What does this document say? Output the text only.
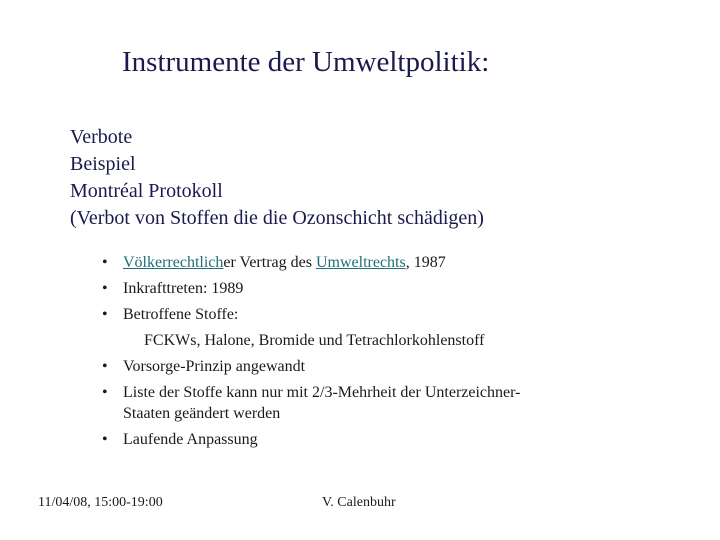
Instrumente der Umweltpolitik:
Verbote
Beispiel
Montréal Protokoll
(Verbot von Stoffen die die Ozonschicht schädigen)
• Völkerrechtlicher Vertrag des Umweltrechts, 1987
• Inkrafttreten: 1989
• Betroffene Stoffe:
FCKWs, Halone, Bromide und Tetrachlorkohlenstoff
• Vorsorge-Prinzip angewandt
• Liste der Stoffe kann nur mit 2/3-Mehrheit der Unterzeichner-
Staaten geändert werden
• Laufende Anpassung
11/04/08, 15:00-19:00	V. Calenbuhr
